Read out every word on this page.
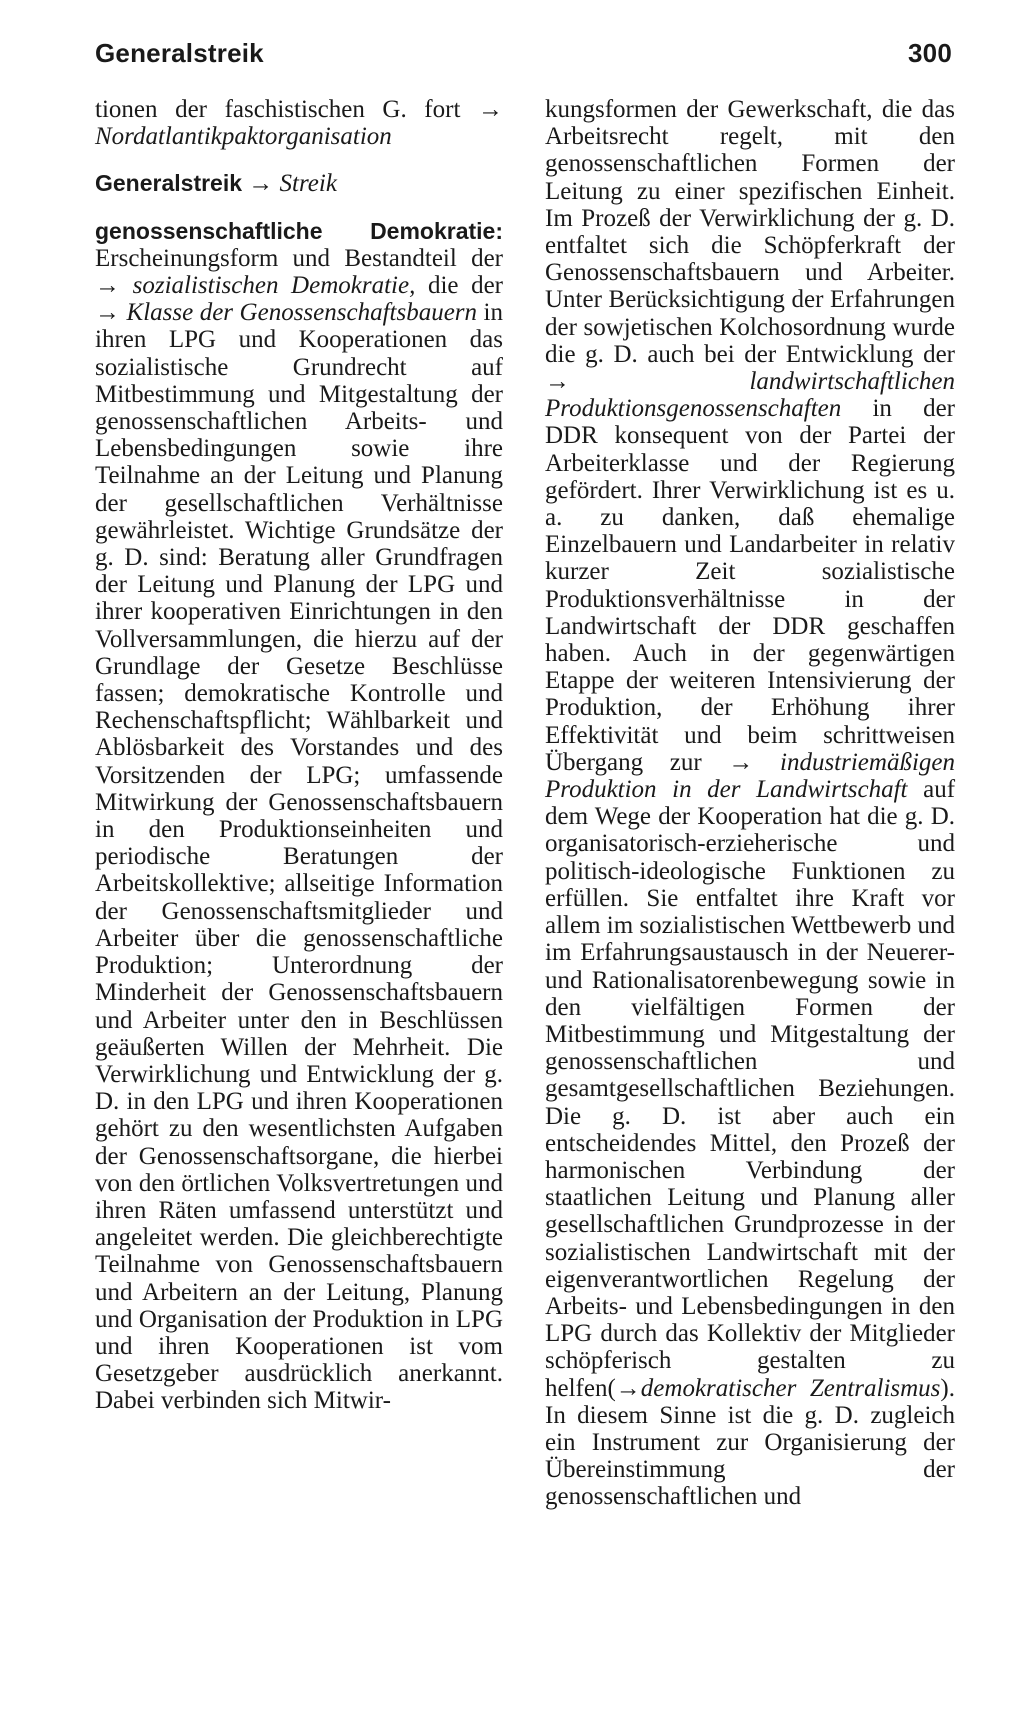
Generalstreik	300

tionen der faschistischen G. fort → Nordatlantikpaktorganisation

Generalstreik → Streik

genossenschaftliche Demokratie: Erscheinungsform und Bestandteil der → sozialistischen Demokratie, die der → Klasse der Genossenschaftsbauern in ihren LPG und Kooperationen das sozialistische Grundrecht auf Mitbestimmung und Mitgestaltung der genossenschaftlichen Arbeits- und Lebensbedingungen sowie ihre Teilnahme an der Leitung und Planung der gesellschaftlichen Verhältnisse gewährleistet. Wichtige Grundsätze der g. D. sind: Beratung aller Grundfragen der Leitung und Planung der LPG und ihrer kooperativen Einrichtungen in den Vollversammlungen, die hierzu auf der Grundlage der Gesetze Beschlüsse fassen; demokratische Kontrolle und Rechenschaftspflicht; Wählbarkeit und Ablösbarkeit des Vorstandes und des Vorsitzenden der LPG; umfassende Mitwirkung der Genossenschaftsbauern in den Produktionseinheiten und periodische Beratungen der Arbeitskollektive; allseitige Information der Genossenschaftsmitglieder und Arbeiter über die genossenschaftliche Produktion; Unterordnung der Minderheit der Genossenschaftsbauern und Arbeiter unter den in Beschlüssen geäußerten Willen der Mehrheit. Die Verwirklichung und Entwicklung der g. D. in den LPG und ihren Kooperationen gehört zu den wesentlichsten Aufgaben der Genossenschaftsorgane, die hierbei von den örtlichen Volksvertretungen und ihren Räten umfassend unterstützt und angeleitet werden. Die gleichberechtigte Teilnahme von Genossenschaftsbauern und Arbeitern an der Leitung, Planung und Organisation der Produktion in LPG und ihren Kooperationen ist vom Gesetzgeber ausdrücklich anerkannt. Dabei verbinden sich Mitwir-

kungsformen der Gewerkschaft, die das Arbeitsrecht regelt, mit den genossenschaftlichen Formen der Leitung zu einer spezifischen Einheit. Im Prozeß der Verwirklichung der g. D. entfaltet sich die Schöpferkraft der Genossenschaftsbauern und Arbeiter. Unter Berücksichtigung der Erfahrungen der sowjetischen Kolchosordnung wurde die g. D. auch bei der Entwicklung der →	landwirtschaftlichen Produktionsgenossenschaften in der DDR konsequent von der Partei der Arbeiterklasse und der Regierung gefördert. Ihrer Verwirklichung ist es u. a. zu danken, daß ehemalige Einzelbauern und Landarbeiter in relativ kurzer Zeit sozialistische Produktionsverhältnisse in der Landwirtschaft der DDR geschaffen haben. Auch in der gegenwärtigen Etappe der weiteren Intensivierung der Produktion, der Erhöhung ihrer Effektivität und beim schrittweisen Übergang zur → industriemäßigen Produktion in der Landwirtschaft auf dem Wege der Kooperation hat die g. D. organisatorisch-erzieherische und politisch-ideologische Funktionen zu erfüllen. Sie entfaltet ihre Kraft vor allem im sozialistischen Wettbewerb und im Erfahrungsaustausch in der Neuerer- und Rationalisatorenbewegung sowie in den vielfältigen Formen der Mitbestimmung und Mitgestaltung der genossenschaftlichen und gesamtgesellschaftlichen Beziehungen. Die g. D. ist aber auch ein entscheidendes Mittel, den Prozeß der harmonischen Verbindung der staatlichen Leitung und Planung aller gesellschaftlichen Grundprozesse in der sozialistischen Landwirtschaft mit der eigenverantwortlichen Regelung der Arbeits- und Lebensbedingungen in den LPG durch das Kollektiv der Mitglieder schöpferisch gestalten zu helfen(→demokratischer Zentralismus). In diesem Sinne ist die g. D. zugleich ein Instrument zur Organisierung der Übereinstimmung der genossenschaftlichen und
